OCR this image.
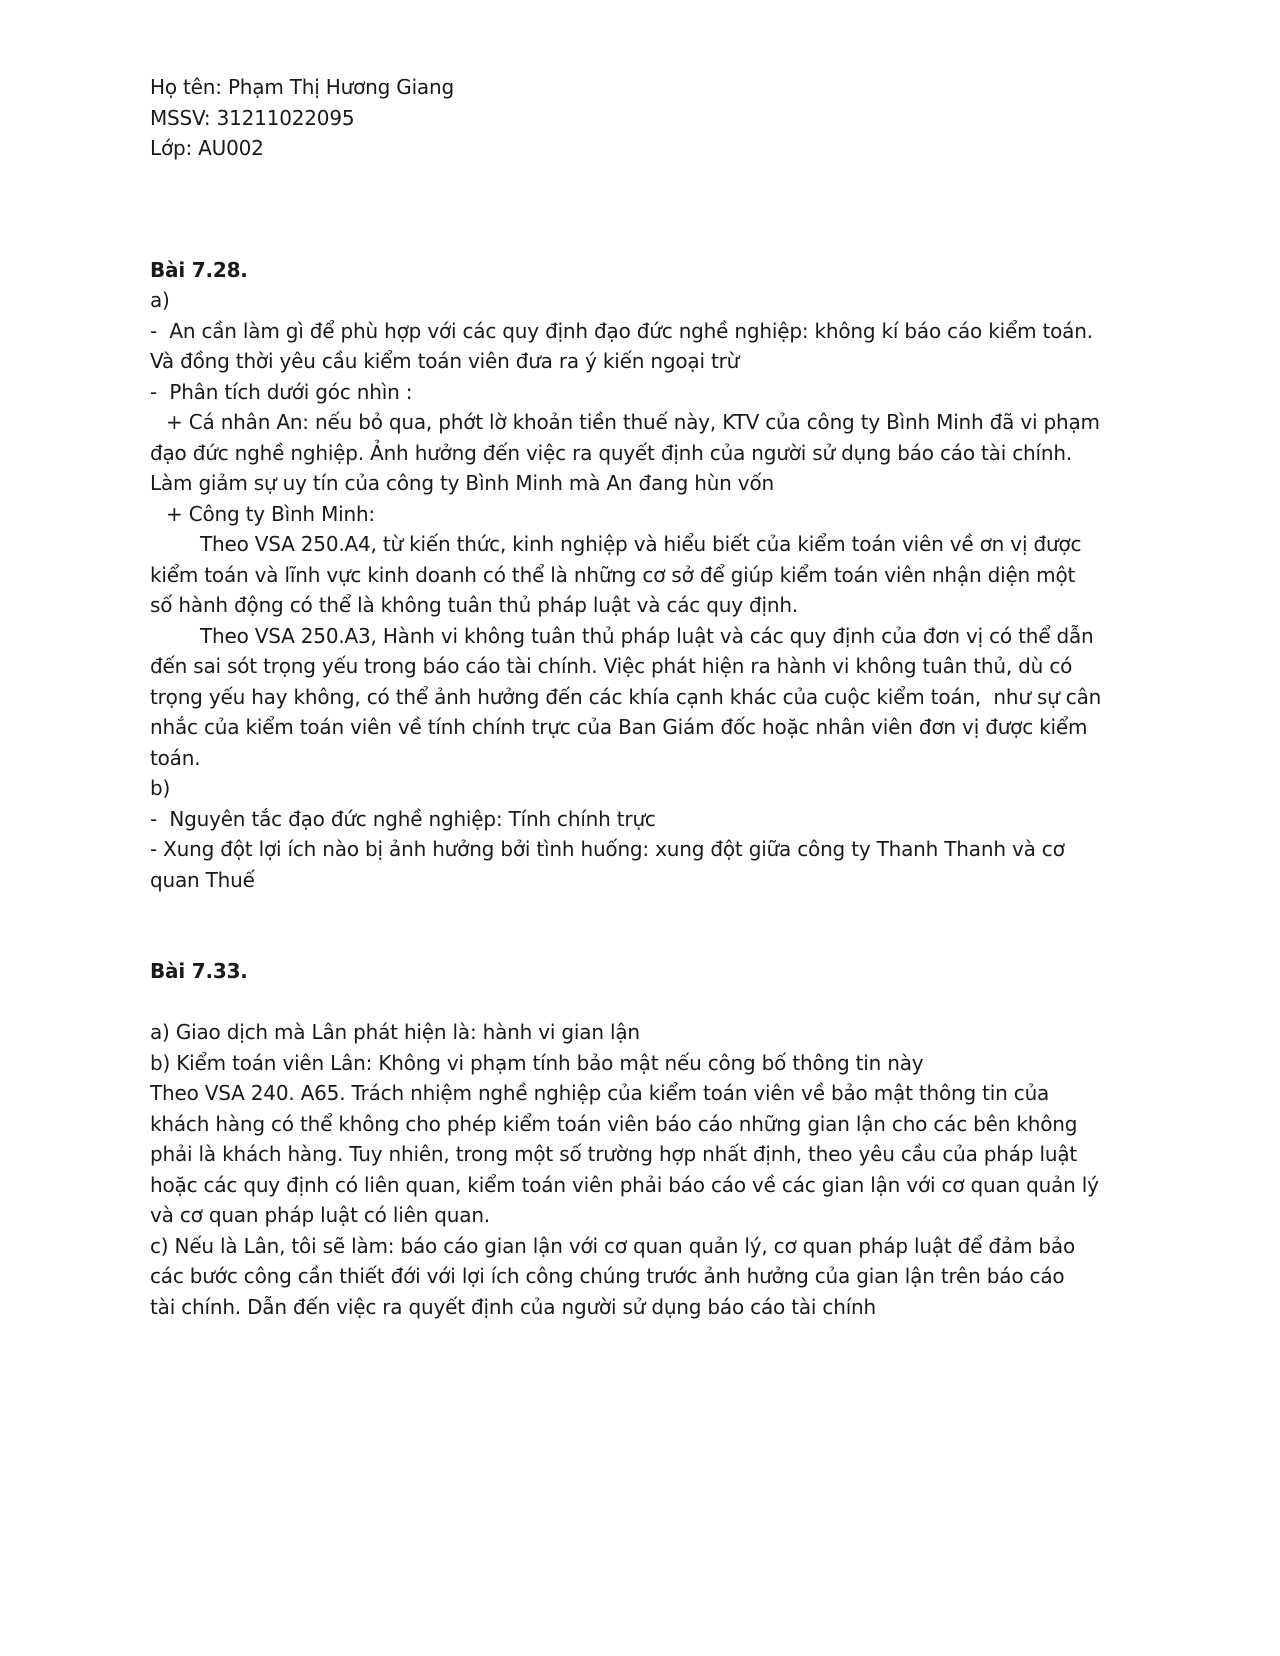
Họ tên: Phạm Thị Hương Giang
MSSV: 31211022095
Lớp: AU002
Bài 7.28.
a)
-  An cần làm gì để phù hợp với các quy định đạo đức nghề nghiệp: không kí báo cáo kiểm toán.
Và đồng thời yêu cầu kiểm toán viên đưa ra ý kiến ngoại trừ
-  Phân tích dưới góc nhìn :
+ Cá nhân An: nếu bỏ qua, phớt lờ khoản tiền thuế này, KTV của công ty Bình Minh đã vi phạm
đạo đức nghề nghiệp. Ảnh hưởng đến việc ra quyết định của người sử dụng báo cáo tài chính.
Làm giảm sự uy tín của công ty Bình Minh mà An đang hùn vốn
+ Công ty Bình Minh:
Theo VSA 250.A4, từ kiến thức, kinh nghiệp và hiểu biết của kiểm toán viên về ơn vị được
kiểm toán và lĩnh vực kinh doanh có thể là những cơ sở để giúp kiểm toán viên nhận diện một
số hành động có thể là không tuân thủ pháp luật và các quy định.
Theo VSA 250.A3, Hành vi không tuân thủ pháp luật và các quy định của đơn vị có thể dẫn
đến sai sót trọng yếu trong báo cáo tài chính. Việc phát hiện ra hành vi không tuân thủ, dù có
trọng yếu hay không, có thể ảnh hưởng đến các khía cạnh khác của cuộc kiểm toán,  như sự cân
nhắc của kiểm toán viên về tính chính trực của Ban Giám đốc hoặc nhân viên đơn vị được kiểm
toán.
b)
-  Nguyên tắc đạo đức nghề nghiệp: Tính chính trực
- Xung đột lợi ích nào bị ảnh hưởng bởi tình huống: xung đột giữa công ty Thanh Thanh và cơ
quan Thuế
Bài 7.33.
a) Giao dịch mà Lân phát hiện là: hành vi gian lận
b) Kiểm toán viên Lân: Không vi phạm tính bảo mật nếu công bố thông tin này
Theo VSA 240. A65. Trách nhiệm nghề nghiệp của kiểm toán viên về bảo mật thông tin của
khách hàng có thể không cho phép kiểm toán viên báo cáo những gian lận cho các bên không
phải là khách hàng. Tuy nhiên, trong một số trường hợp nhất định, theo yêu cầu của pháp luật
hoặc các quy định có liên quan, kiểm toán viên phải báo cáo về các gian lận với cơ quan quản lý
và cơ quan pháp luật có liên quan.
c) Nếu là Lân, tôi sẽ làm: báo cáo gian lận với cơ quan quản lý, cơ quan pháp luật để đảm bảo
các bước công cần thiết đới với lợi ích công chúng trước ảnh hưởng của gian lận trên báo cáo
tài chính. Dẫn đến việc ra quyết định của người sử dụng báo cáo tài chính
